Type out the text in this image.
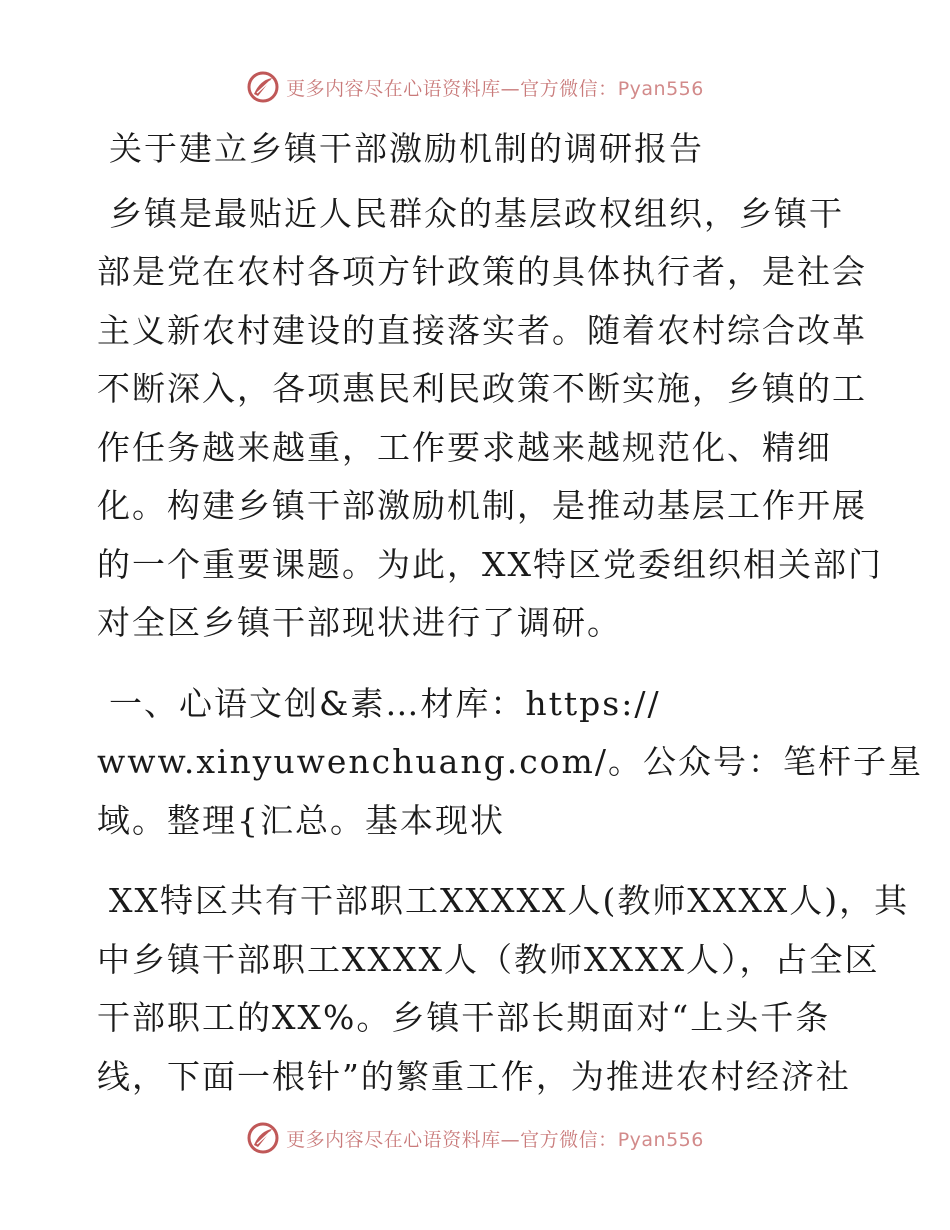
更多内容尽在心语资料库—官方微信：Pyan556
关于建立乡镇干部激励机制的调研报告
乡镇是最贴近人民群众的基层政权组织，乡镇干
部是党在农村各项方针政策的具体执行者，是社会
主义新农村建设的直接落实者。随着农村综合改革
不断深入，各项惠民利民政策不断实施，乡镇的工
作任务越来越重，工作要求越来越规范化、精细
化。构建乡镇干部激励机制，是推动基层工作开展
的一个重要课题。为此，XX特区党委组织相关部门
对全区乡镇干部现状进行了调研。
一、心语文创&素…材库：https://
www.xinyuwenchuang.com/。公众号：笔杆子星
域。整理{汇总。基本现状
XX特区共有干部职工XXXXX人(教师XXXX人)，其
中乡镇干部职工XXXX人（教师XXXX人），占全区
干部职工的XX%。乡镇干部长期面对“上头千条
线，下面一根针”的繁重工作，为推进农村经济社
更多内容尽在心语资料库—官方微信：Pyan556
